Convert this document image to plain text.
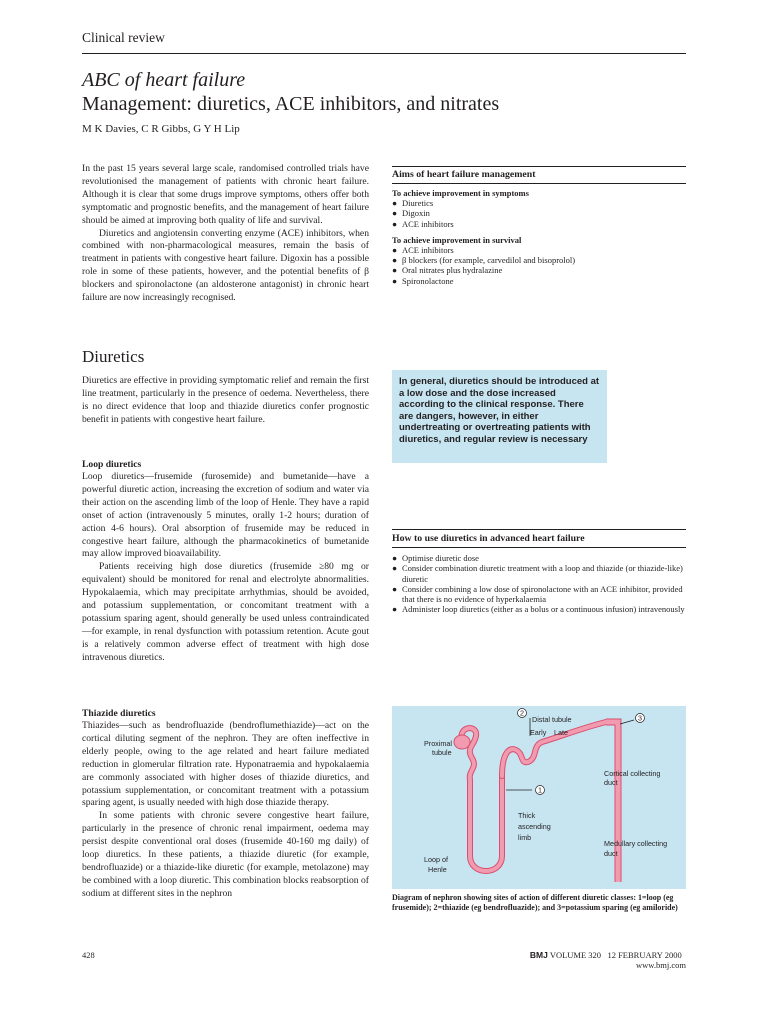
Clinical review
ABC of heart failure
Management: diuretics, ACE inhibitors, and nitrates
M K Davies, C R Gibbs, G Y H Lip

In the past 15 years several large scale, randomised controlled trials have revolutionised the management of patients with chronic heart failure. Although it is clear that some drugs improve symptoms, others offer both symptomatic and prognostic benefits, and the management of heart failure should be aimed at improving both quality of life and survival.

Diuretics and angiotensin converting enzyme (ACE) inhibitors, when combined with non-pharmacological measures, remain the basis of treatment in patients with congestive heart failure. Digoxin has a possible role in some of these patients, however, and the potential benefits of β blockers and spironolactone (an aldosterone antagonist) in chronic heart failure are now increasingly recognised.

Diuretics

Diuretics are effective in providing symptomatic relief and remain the first line treatment, particularly in the presence of oedema. Nevertheless, there is no direct evidence that loop and thiazide diuretics confer prognostic benefit in patients with congestive heart failure.

Loop diuretics

Loop diuretics—frusemide (furosemide) and bumetanide—have a powerful diuretic action, increasing the excretion of sodium and water via their action on the ascending limb of the loop of Henle. They have a rapid onset of action (intravenously 5 minutes, orally 1-2 hours; duration of action 4-6 hours). Oral absorption of frusemide may be reduced in congestive heart failure, although the pharmacokinetics of bumetanide may allow improved bioavailability.

Patients receiving high dose diuretics (frusemide ≥80 mg or equivalent) should be monitored for renal and electrolyte abnormalities. Hypokalaemia, which may precipitate arrhythmias, should be avoided, and potassium supplementation, or concomitant treatment with a potassium sparing agent, should generally be used unless contraindicated—for example, in renal dysfunction with potassium retention. Acute gout is a relatively common adverse effect of treatment with high dose intravenous diuretics.

Thiazide diuretics

Thiazides—such as bendrofluazide (bendroflumethiazide)—act on the cortical diluting segment of the nephron. They are often ineffective in elderly people, owing to the age related and heart failure mediated reduction in glomerular filtration rate. Hyponatraemia and hypokalaemia are commonly associated with higher doses of thiazide diuretics, and potassium supplementation, or concomitant treatment with a potassium sparing agent, is usually needed with high dose thiazide therapy.

In some patients with chronic severe congestive heart failure, particularly in the presence of chronic renal impairment, oedema may persist despite conventional oral doses (frusemide 40-160 mg daily) of loop diuretics. In these patients, a thiazide diuretic (for example, bendrofluazide) or a thiazide-like diuretic (for example, metolazone) may be combined with a loop diuretic. This combination blocks reabsorption of sodium at different sites in the nephron

Aims of heart failure management
To achieve improvement in symptoms
● Diuretics
● Digoxin
● ACE inhibitors
To achieve improvement in survival
● ACE inhibitors
● β blockers (for example, carvedilol and bisoprolol)
● Oral nitrates plus hydralazine
● Spironolactone
In general, diuretics should be introduced at a low dose and the dose increased according to the clinical response. There are dangers, however, in either undertreating or overtreating patients with diuretics, and regular review is necessary
How to use diuretics in advanced heart failure
● Optimise diuretic dose
● Consider combination diuretic treatment with a loop and thiazide (or thiazide-like) diuretic
● Consider combining a low dose of spironolactone with an ACE inhibitor, provided that there is no evidence of hyperkalaemia
● Administer loop diuretics (either as a bolus or a continuous infusion) intravenously
2
1
3
Proximal
tubule
Distal tubule
Early Late
Cortical collecting
duct
Thick
ascending
limb
Medullary collecting
duct
Loop of
Henle
Diagram of nephron showing sites of action of different diuretic classes: 1=loop (eg frusemide); 2=thiazide (eg bendrofluazide); and 3=potassium sparing (eg amiloride)
428	BMJ VOLUME 320 12 FEBRUARY 2000   www.bmj.com
